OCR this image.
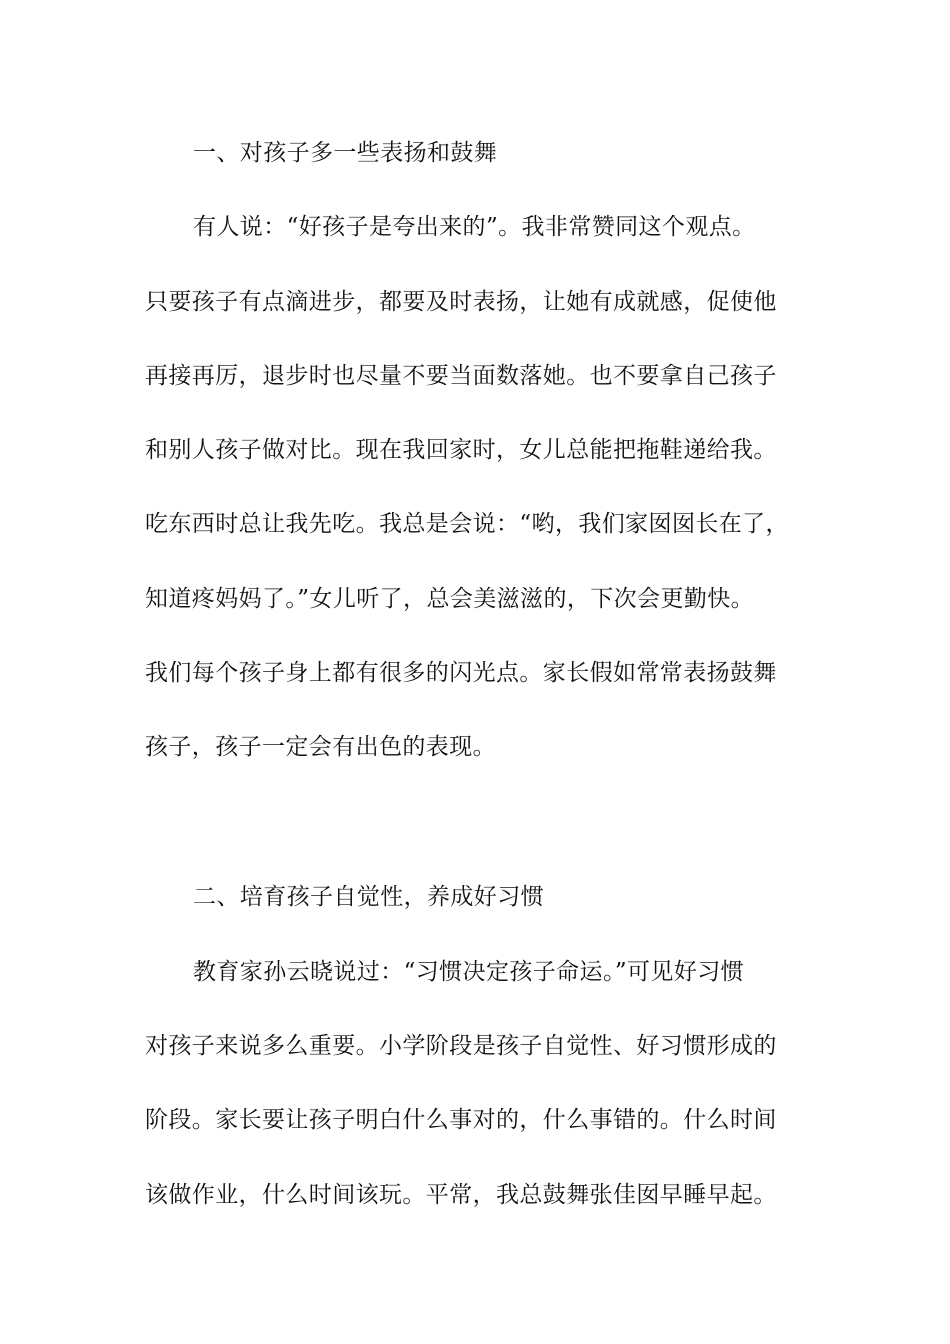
一、对孩子多一些表扬和鼓舞
有人说：“好孩子是夸出来的”。我非常赞同这个观点。
只要孩子有点滴进步，都要及时表扬，让她有成就感，促使他
再接再厉，退步时也尽量不要当面数落她。也不要拿自己孩子
和别人孩子做对比。现在我回家时，女儿总能把拖鞋递给我。
吃东西时总让我先吃。我总是会说：“哟，我们家囡囡长在了，
知道疼妈妈了。”女儿听了，总会美滋滋的，下次会更勤快。
我们每个孩子身上都有很多的闪光点。家长假如常常表扬鼓舞
孩子，孩子一定会有出色的表现。
二、培育孩子自觉性，养成好习惯
教育家孙云晓说过：“习惯决定孩子命运。”可见好习惯
对孩子来说多么重要。小学阶段是孩子自觉性、好习惯形成的
阶段。家长要让孩子明白什么事对的，什么事错的。什么时间
该做作业，什么时间该玩。平常，我总鼓舞张佳囡早睡早起。
